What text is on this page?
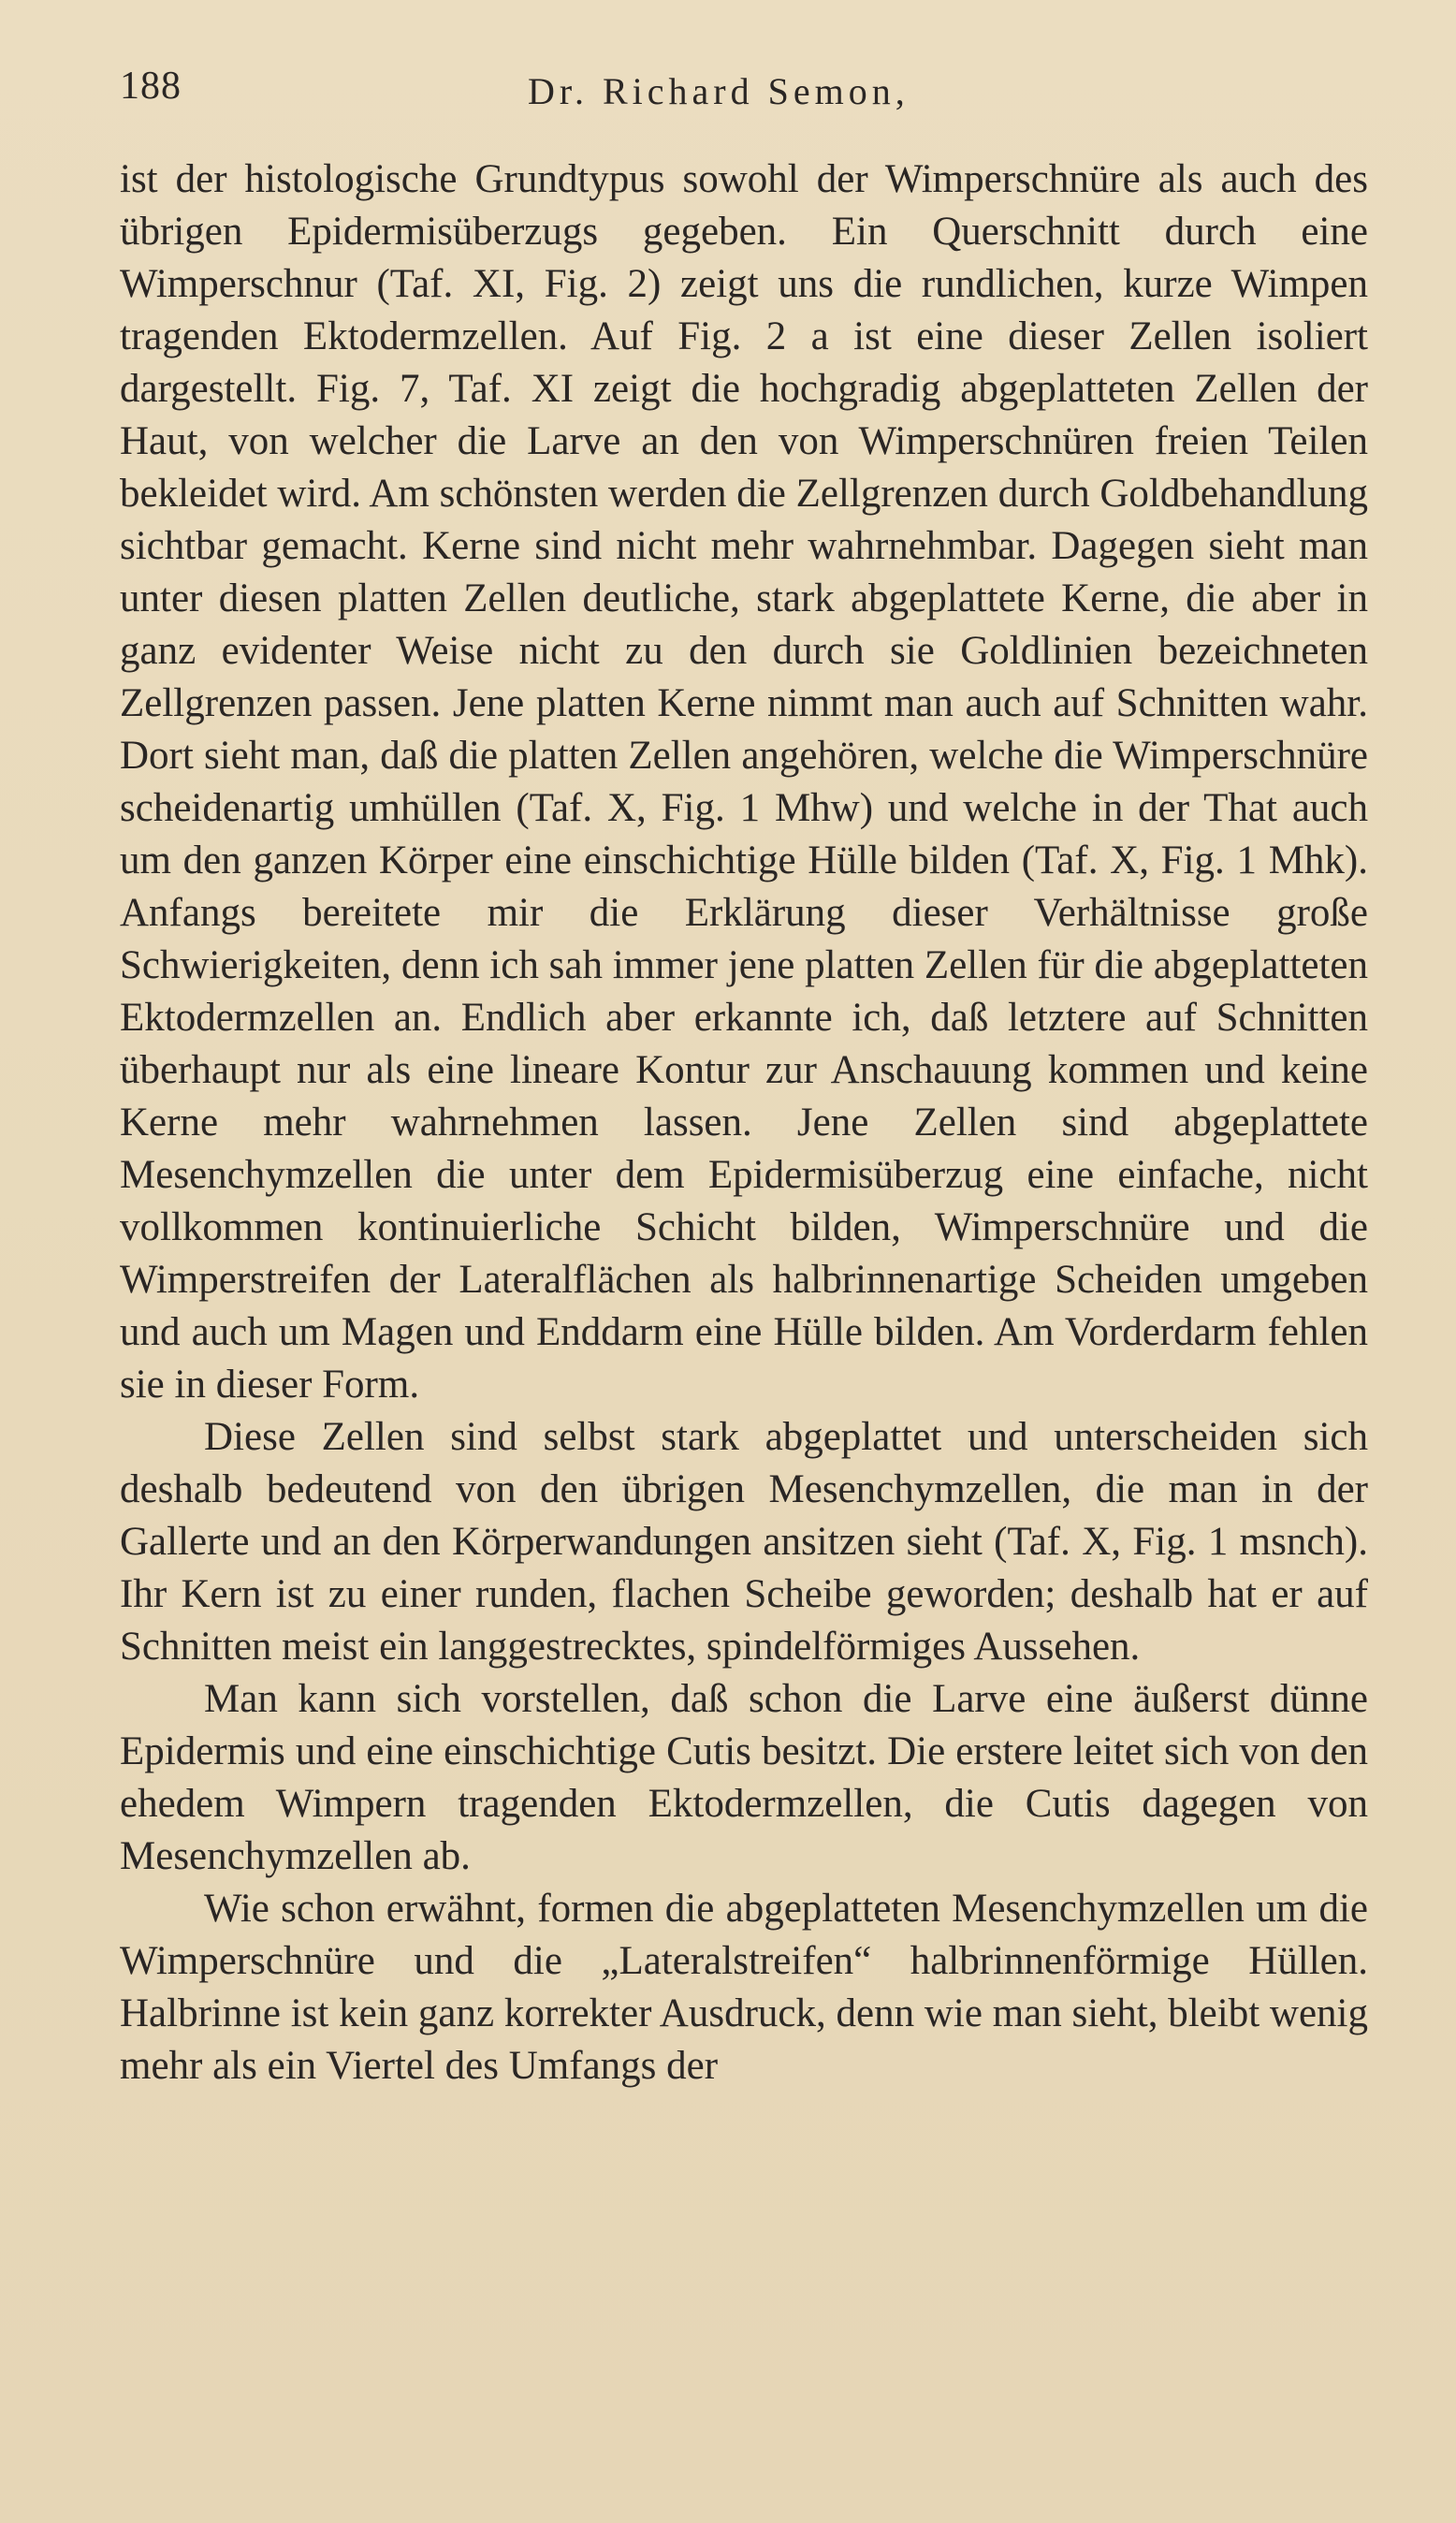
188	Dr. Richard Semon,

ist der histologische Grundtypus sowohl der Wimperschnüre als auch des übrigen Epidermisüberzugs gegeben. Ein Querschnitt durch eine Wimperschnur (Taf. XI, Fig. 2) zeigt uns die rundlichen, kurze Wimpen tragenden Ektodermzellen. Auf Fig. 2 a ist eine dieser Zellen isoliert dargestellt. Fig. 7, Taf. XI zeigt die hochgradig abgeplatteten Zellen der Haut, von welcher die Larve an den von Wimperschnüren freien Teilen bekleidet wird. Am schönsten werden die Zellgrenzen durch Goldbehandlung sichtbar gemacht. Kerne sind nicht mehr wahrnehmbar. Dagegen sieht man unter diesen platten Zellen deutliche, stark abgeplattete Kerne, die aber in ganz evidenter Weise nicht zu den durch sie Goldlinien bezeichneten Zellgrenzen passen. Jene platten Kerne nimmt man auch auf Schnitten wahr. Dort sieht man, daß die platten Zellen angehören, welche die Wimperschnüre scheidenartig umhüllen (Taf. X, Fig. 1 Mhw) und welche in der That auch um den ganzen Körper eine einschichtige Hülle bilden (Taf. X, Fig. 1 Mhk). Anfangs bereitete mir die Erklärung dieser Verhältnisse große Schwierigkeiten, denn ich sah immer jene platten Zellen für die abgeplatteten Ektodermzellen an. Endlich aber erkannte ich, daß letztere auf Schnitten überhaupt nur als eine lineare Kontur zur Anschauung kommen und keine Kerne mehr wahrnehmen lassen. Jene Zellen sind abgeplattete Mesenchymzellen die unter dem Epidermisüberzug eine einfache, nicht vollkommen kontinuierliche Schicht bilden, Wimperschnüre und die Wimperstreifen der Lateralflächen als halbrinnenartige Scheiden umgeben und auch um Magen und Enddarm eine Hülle bilden. Am Vorderdarm fehlen sie in dieser Form.

Diese Zellen sind selbst stark abgeplattet und unterscheiden sich deshalb bedeutend von den übrigen Mesenchymzellen, die man in der Gallerte und an den Körperwandungen ansitzen sieht (Taf. X, Fig. 1 msnch). Ihr Kern ist zu einer runden, flachen Scheibe geworden; deshalb hat er auf Schnitten meist ein langgestrecktes, spindelförmiges Aussehen.

Man kann sich vorstellen, daß schon die Larve eine äußerst dünne Epidermis und eine einschichtige Cutis besitzt. Die erstere leitet sich von den ehedem Wimpern tragenden Ektodermzellen, die Cutis dagegen von Mesenchymzellen ab.

Wie schon erwähnt, formen die abgeplatteten Mesenchymzellen um die Wimperschnüre und die „Lateralstreifen“ halbrinnenförmige Hüllen. Halbrinne ist kein ganz korrekter Ausdruck, denn wie man sieht, bleibt wenig mehr als ein Viertel des Umfangs der
